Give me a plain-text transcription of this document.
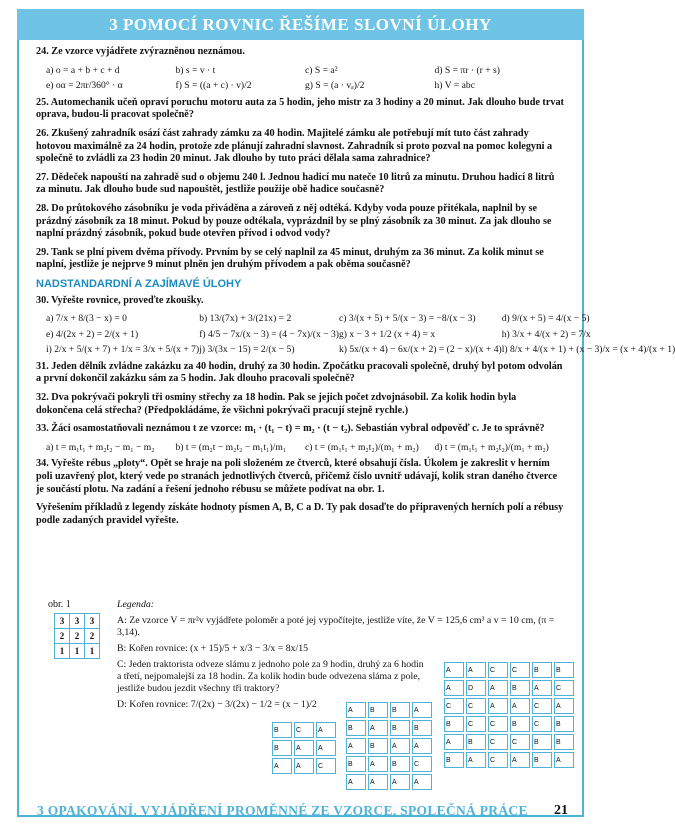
3 POMOCÍ ROVNIC ŘEŠÍME SLOVNÍ ÚLOHY
24. Ze vzorce vyjádřete zvýrazněnou neznámou.
a) o = a + b + c + d	b) s = v · t	c) S = a²	d) S = πr · (r + s)
e) oα = 2πr/360° · α	f) S = ((a + c) · v)/2	g) S = (a · vₐ)/2	h) V = abc
25. Automechanik učeň opraví poruchu motoru auta za 5 hodin, jeho mistr za 3 hodiny a 20 minut. Jak dlouho bude trvat oprava, budou-li pracovat společně?
26. Zkušený zahradník osází část zahrady zámku za 40 hodin. Majitelé zámku ale potřebují mít tuto část zahrady hotovou maximálně za 24 hodin, protože zde plánují zahradní slavnost. Zahradník si proto pozval na pomoc kolegyni a společně to zvládli za 23 hodin 20 minut. Jak dlouho by tuto práci dělala sama zahradnice?
27. Dědeček napouští na zahradě sud o objemu 240 l. Jednou hadicí mu nateče 10 litrů za minutu. Druhou hadicí 8 litrů za minutu. Jak dlouho bude sud napouštět, jestliže použije obě hadice současně?
28. Do průtokového zásobníku je voda přiváděna a zároveň z něj odtéká. Kdyby voda pouze přitékala, naplnil by se prázdný zásobník za 18 minut. Pokud by pouze odtékala, vyprázdnil by se plný zásobník za 30 minut. Za jak dlouho se naplní prázdný zásobník, pokud bude otevřen přívod i odvod vody?
29. Tank se plní pivem dvěma přívody. Prvním by se celý naplnil za 45 minut, druhým za 36 minut. Za kolik minut se naplní, jestliže je nejprve 9 minut plněn jen druhým přívodem a pak oběma současně?
NADSTANDARDNÍ A ZAJÍMAVÉ ÚLOHY
30. Vyřešte rovnice, proveďte zkoušky.
a) 7/x + 8/(3 − x) = 0	b) 13/(7x) + 3/(21x) = 2	c) 3/(x + 5) + 5/(x − 3) = −8/(x − 3)	d) 9/(x + 5) = 4/(x − 5)
e) 4/(2x + 2) = 2/(x + 1)	f) 4/5 − 7x/(x − 3) = (4 − 7x)/(x − 3) g) x − 3 + 1/2 (x + 4) = x	h) 3/x + 4/(x + 2) = 7/x
i) 2/x + 5/(x + 7) + 1/x = 3/x + 5/(x + 7) j) 3/(3x − 15) = 2/(x − 5)	k) 5x/(x + 4) − 6x/(x + 2) = (2 − x)/(x + 4) l) 8/x + 4/(x + 1) + (x − 3)/x = (x + 4)/(x + 1)
31. Jeden dělník zvládne zakázku za 40 hodin, druhý za 30 hodin. Zpočátku pracovali společně, druhý byl potom odvolán a první dokončil zakázku sám za 5 hodin. Jak dlouho pracovali společně?
32. Dva pokrývači pokryli tři osminy střechy za 18 hodin. Pak se jejich počet zdvojnásobil. Za kolik hodin byla dokončena celá střecha? (Předpokládáme, že všichni pokrývači pracují stejně rychle.)
33. Žáci osamostatňovali neznámou t ze vzorce: m₁ · (t₁ − t) = m₂ · (t − t₂). Sebastián vybral odpověď c. Je to správně?
a) t = m₁t₁ + m₂t₂ − m₁ − m₂	b) t = (m₂t − m₂t₂ − m₁t₁)/m₁	c) t = (m₁t₁ + m₂t₂)/(m₁ + m₂)	d) t = (m₁t₁ + m₂t₂)/(m₁ + m₂)
34. Vyřešte rébus „ploty“. Opět se hraje na poli složeném ze čtverců, které obsahují čísla. Úkolem je zakreslit v herním poli uzavřený plot, který vede po stranách jednotlivých čtverců, přičemž číslo uvnitř udávají, kolik stran daného čtverce je součástí plotu. Na zadání a řešení jednoho rébusu se můžete podívat na obr. 1.
Vyřešením příkladů z legendy získáte hodnoty písmen A, B, C a D. Ty pak dosaďte do připravených herních polí a rébusy podle zadaných pravidel vyřešte.
obr. 1
3	3	3
2	2	2
1	1	1
Legenda:
A: Ze vzorce V = πr²v vyjádřete poloměr a poté jej vypočítejte, jestliže víte, že V = 125,6 cm³ a v = 10 cm, (π = 3,14).
B: Kořen rovnice: (x + 15)/5 + x/3 − 3/x = 8x/15
C: Jeden traktorista odveze slámu z jednoho pole za 9 hodin, druhý za 6 hodin a třetí, nejpomalejší za 18 hodin. Za kolik hodin bude odvezena sláma z pole, jestliže budou jezdit všechny tři traktory?
D: Kořen rovnice: 7/(2x) − 3/(2x) − 1/2 = (x − 1)/2
A	A	C	C	B	B
A	D	A	B	A	C
C	C	A	A	C	A
B	C	C	B	C	B
A	B	C	C	B	B
B	A	C	A	B	A
A	B	B	A
B	A	B	B
A	B	A	A
B	A	B	C
A	A	A	A
B	C	A
B	A	A
A	A	C
3 OPAKOVÁNÍ, VYJÁDŘENÍ PROMĚNNÉ ZE VZORCE, SPOLEČNÁ PRÁCE 21
